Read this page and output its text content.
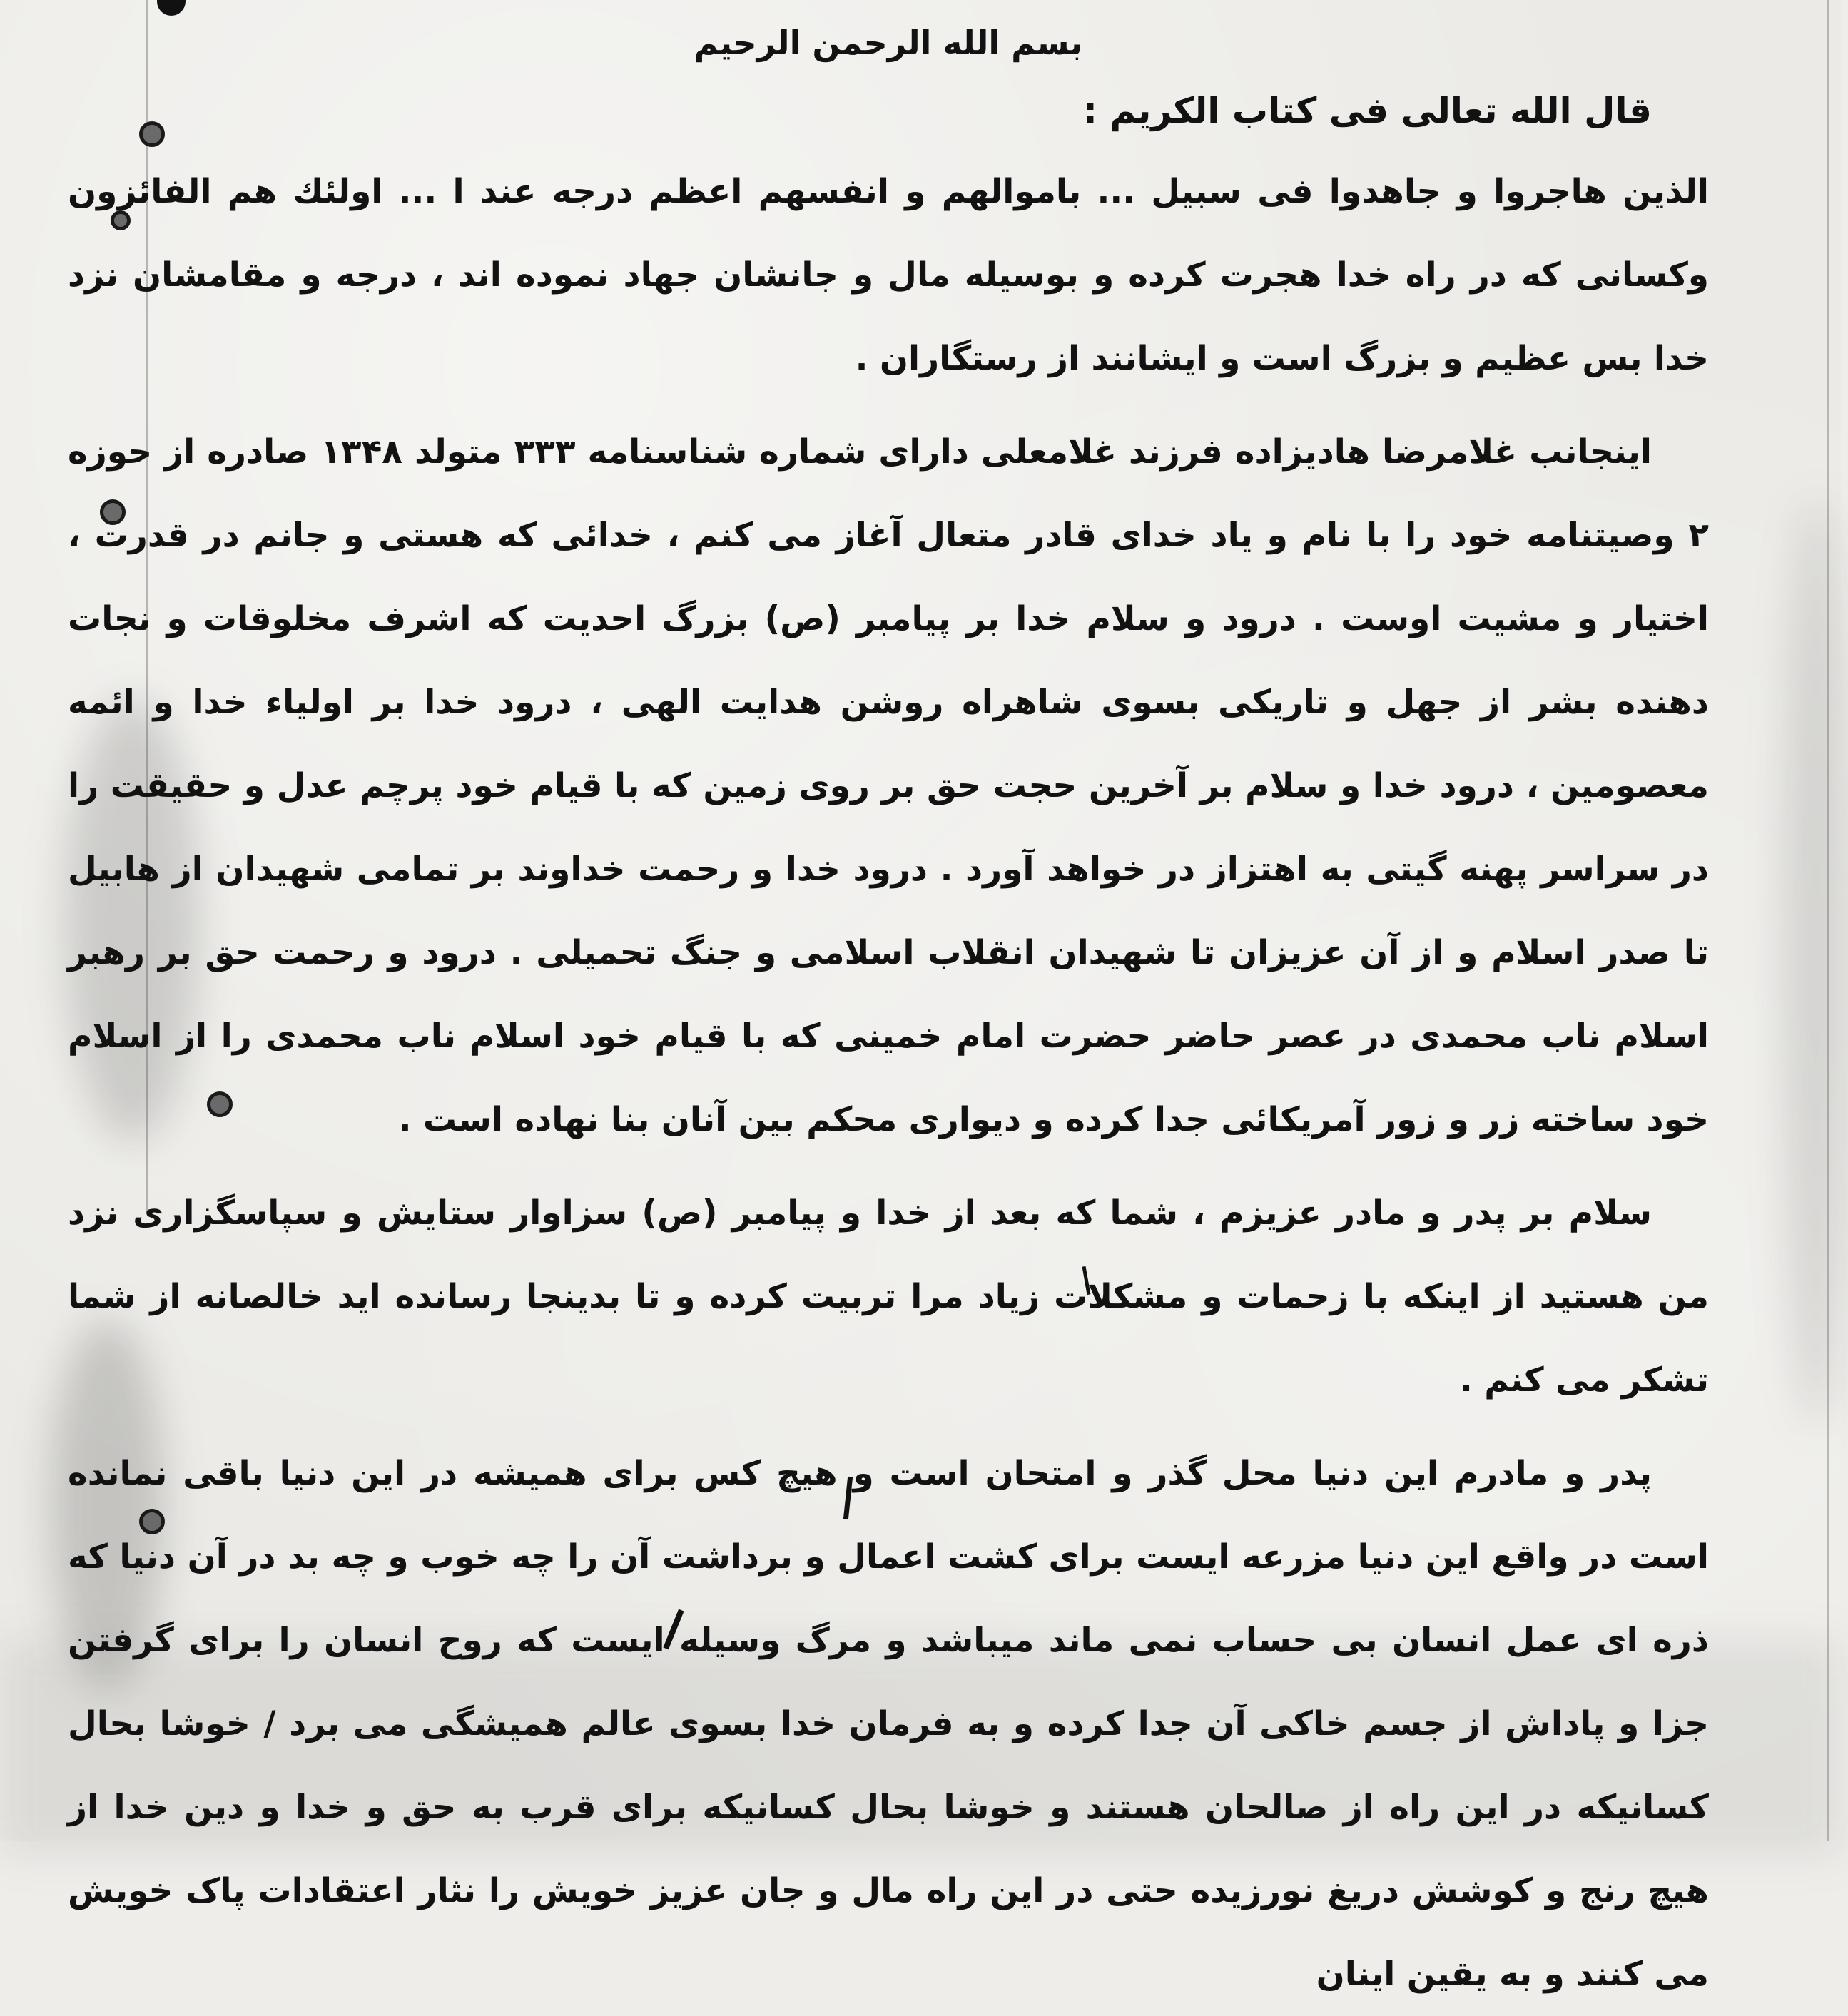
بسم الله الرحمن الرحيم
قال الله تعالی فی کتاب الکریم :

الذین هاجروا و جاهدوا فی سبیل ... باموالهم و انفسهم اعظم درجه عند ا ... اولئك هم الفائزون وکسانی که در راه خدا هجرت کرده و بوسیله مال و جانشان جهاد نموده اند ، درجه و مقامشان نزد خدا بس عظیم و بزرگ است و ایشانند از رستگاران .

اینجانب غلامرضا هادیزاده فرزند غلامعلی دارای شماره شناسنامه ۳۳۳ متولد ۱۳۴۸ صادره از حوزه ۲ وصیتنامه خود را با نام و یاد خدای قادر متعال آغاز می کنم ، خدائی که هستی و جانم در قدرت ، اختیار و مشیت اوست . درود و سلام خدا بر پیامبر (ص) بزرگ احدیت که اشرف مخلوقات و نجات دهنده بشر از جهل و تاریکی بسوی شاهراه روشن هدایت الهی ، درود خدا بر اولیاء خدا و ائمه معصومین ، درود خدا و سلام بر آخرین حجت حق بر روی زمین که با قیام خود پرچم عدل و حقیقت را در سراسر پهنه گیتی به اهتزاز در خواهد آورد . درود خدا و رحمت خداوند بر تمامی شهیدان از هابیل تا صدر اسلام و از آن عزیزان تا شهیدان انقلاب اسلامی و جنگ تحمیلی . درود و رحمت حق بر رهبر اسلام ناب محمدی در عصر حاضر حضرت امام خمینی که با قیام خود اسلام ناب محمدی را از اسلام خود ساخته زر و زور آمریکائی جدا کرده و دیواری محکم بین آنان بنا نهاده است .

سلام بر پدر و مادر عزیزم ، شما که بعد از خدا و پیامبر (ص) سزاوار ستایش و سپاسگزاری نزد من هستید از اینکه با زحمات و مشکلات زیاد مرا تربیت کرده و تا بدینجا رسانده اید خالصانه از شما تشکر می کنم .

پدر و مادرم این دنیا محل گذر و امتحان است و هیچ کس برای همیشه در این دنیا باقی نمانده است در واقع این دنیا مزرعه ایست برای کشت اعمال و برداشت آن را چه خوب و چه بد در آن دنیا که ذره ای عمل انسان بی حساب نمی ماند میباشد و مرگ وسیله ایست که روح انسان را برای گرفتن جزا و پاداش از جسم خاکی آن جدا کرده و به فرمان خدا بسوی عالم همیشگی می برد / خوشا بحال کسانیکه در این راه از صالحان هستند و خوشا بحال کسانیکه برای قرب به حق و خدا و دین خدا از هیچ رنج و کوشش دریغ نورزیده حتی در این راه مال و جان عزیز خویش را نثار اعتقادات پاک خویش می کنند و به یقین اینان
